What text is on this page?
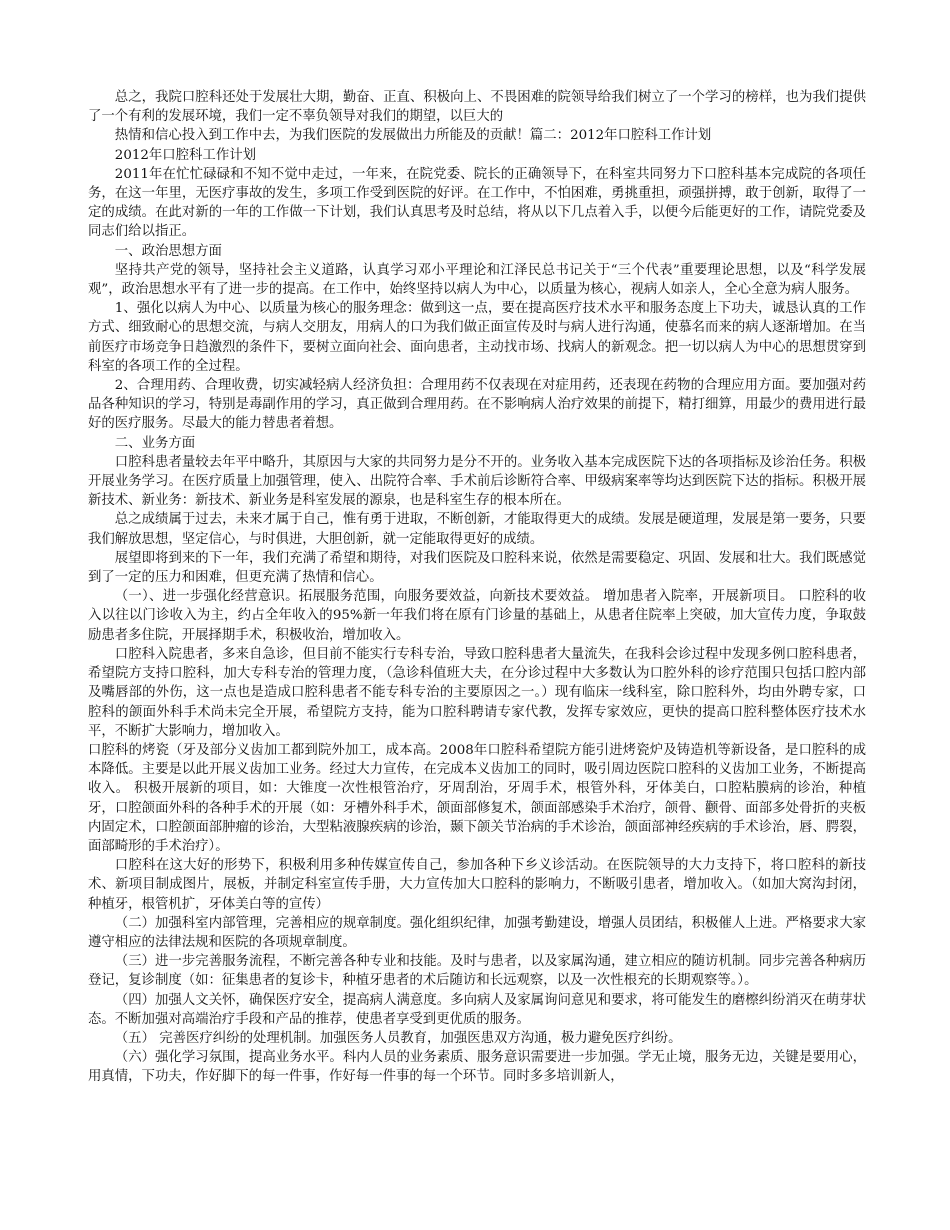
总之，我院口腔科还处于发展壮大期，勤奋、正直、积极向上、不畏困难的院领导给我们树立了一个学习的榜样，也为我们提供了一个有利的发展环境，我们一定不辜负领导对我们的期望，以巨大的

热情和信心投入到工作中去，为我们医院的发展做出力所能及的贡献！篇二：2012年口腔科工作计划

2012年口腔科工作计划

2011年在忙忙碌碌和不知不觉中走过，一年来，在院党委、院长的正确领导下，在科室共同努力下口腔科基本完成院的各项任务，在这一年里，无医疗事故的发生，多项工作受到医院的好评。在工作中，不怕困难，勇挑重担，顽强拼搏，敢于创新，取得了一定的成绩。在此对新的一年的工作做一下计划，我们认真思考及时总结，将从以下几点着入手，以便今后能更好的工作，请院党委及同志们给以指正。

一、政治思想方面

坚持共产党的领导，坚持社会主义道路，认真学习邓小平理论和江泽民总书记关于“三个代表”重要理论思想，以及“科学发展观”，政治思想水平有了进一步的提高。在工作中，始终坚持以病人为中心，以质量为核心，视病人如亲人，全心全意为病人服务。

1、强化以病人为中心、以质量为核心的服务理念：做到这一点，要在提高医疗技术水平和服务态度上下功夫，诚恳认真的工作方式、细致耐心的思想交流，与病人交朋友，用病人的口为我们做正面宣传及时与病人进行沟通，使慕名而来的病人逐渐增加。在当前医疗市场竞争日趋激烈的条件下，要树立面向社会、面向患者，主动找市场、找病人的新观念。把一切以病人为中心的思想贯穿到科室的各项工作的全过程。

2、合理用药、合理收费，切实减轻病人经济负担：合理用药不仅表现在对症用药，还表现在药物的合理应用方面。要加强对药品各种知识的学习，特别是毒副作用的学习，真正做到合理用药。在不影响病人治疗效果的前提下，精打细算，用最少的费用进行最好的医疗服务。尽最大的能力替患者着想。

二、业务方面

口腔科患者量较去年平中略升，其原因与大家的共同努力是分不开的。业务收入基本完成医院下达的各项指标及诊治任务。积极开展业务学习。在医疗质量上加强管理，使入、出院符合率、手术前后诊断符合率、甲级病案率等均达到医院下达的指标。积极开展新技术、新业务：新技术、新业务是科室发展的源泉，也是科室生存的根本所在。

总之成绩属于过去，未来才属于自己，惟有勇于进取，不断创新，才能取得更大的成绩。发展是硬道理，发展是第一要务，只要我们解放思想，坚定信心，与时俱进，大胆创新，就一定能取得更好的成绩。

展望即将到来的下一年，我们充满了希望和期待，对我们医院及口腔科来说，依然是需要稳定、巩固、发展和壮大。我们既感觉到了一定的压力和困难，但更充满了热情和信心。

（一）、进一步强化经营意识。拓展服务范围，向服务要效益，向新技术要效益。 增加患者入院率，开展新项目。 口腔科的收入以往以门诊收入为主，约占全年收入的95%新一年我们将在原有门诊量的基础上，从患者住院率上突破，加大宣传力度，争取鼓励患者多住院，开展择期手术，积极收治，增加收入。

口腔科入院患者，多来自急诊，但目前不能实行专科专治，导致口腔科患者大量流失，在我科会诊过程中发现多例口腔科患者，希望院方支持口腔科，加大专科专治的管理力度，（急诊科值班大夫，在分诊过程中大多数认为口腔外科的诊疗范围只包括口腔内部及嘴唇部的外伤，这一点也是造成口腔科患者不能专科专治的主要原因之一。）现有临床一线科室，除口腔科外，均由外聘专家，口腔科的颌面外科手术尚未完全开展，希望院方支持，能为口腔科聘请专家代教，发挥专家效应，更快的提高口腔科整体医疗技术水平，不断扩大影响力，增加收入。

口腔科的烤瓷（牙及部分义齿加工都到院外加工，成本高。2008年口腔科希望院方能引进烤瓷炉及铸造机等新设备，是口腔科的成本降低。主要是以此开展义齿加工业务。经过大力宣传，在完成本义齿加工的同时，吸引周边医院口腔科的义齿加工业务，不断提高收入。 积极开展新的项目，如：大锥度一次性根管治疗，牙周刮治，牙周手术，根管外科，牙体美白，口腔粘膜病的诊治，种植牙，口腔颌面外科的各种手术的开展（如：牙槽外科手术，颌面部修复术，颌面部感染手术治疗，颌骨、颧骨、面部多处骨折的夹板内固定术，口腔颌面部肿瘤的诊治，大型粘液腺疾病的诊治，颞下颌关节治病的手术诊治，颌面部神经疾病的手术诊治，唇、腭裂，面部畸形的手术治疗）。

口腔科在这大好的形势下，积极利用多种传媒宣传自己，参加各种下乡义诊活动。在医院领导的大力支持下，将口腔科的新技术、新项目制成图片，展板，并制定科室宣传手册，大力宣传加大口腔科的影响力，不断吸引患者，增加收入。（如加大窝沟封闭，种植牙，根管机扩，牙体美白等的宣传）

（二）加强科室内部管理，完善相应的规章制度。强化组织纪律，加强考勤建设，增强人员团结，积极催人上进。严格要求大家遵守相应的法律法规和医院的各项规章制度。

（三）进一步完善服务流程，不断完善各种专业和技能。及时与患者，以及家属沟通，建立相应的随访机制。同步完善各种病历登记，复诊制度（如：征集患者的复诊卡，种植牙患者的术后随访和长远观察，以及一次性根充的长期观察等。）。

（四）加强人文关怀，确保医疗安全，提高病人满意度。多向病人及家属询问意见和要求，将可能发生的磨檫纠纷消灭在萌芽状态。不断加强对高端治疗手段和产品的推荐，使患者享受到更优质的服务。

（五） 完善医疗纠纷的处理机制。加强医务人员教育，加强医患双方沟通，极力避免医疗纠纷。

（六）强化学习氛围，提高业务水平。科内人员的业务素质、服务意识需要进一步加强。学无止境，服务无边，关键是要用心，用真情，下功夫，作好脚下的每一件事，作好每一件事的每一个环节。同时多多培训新人，
